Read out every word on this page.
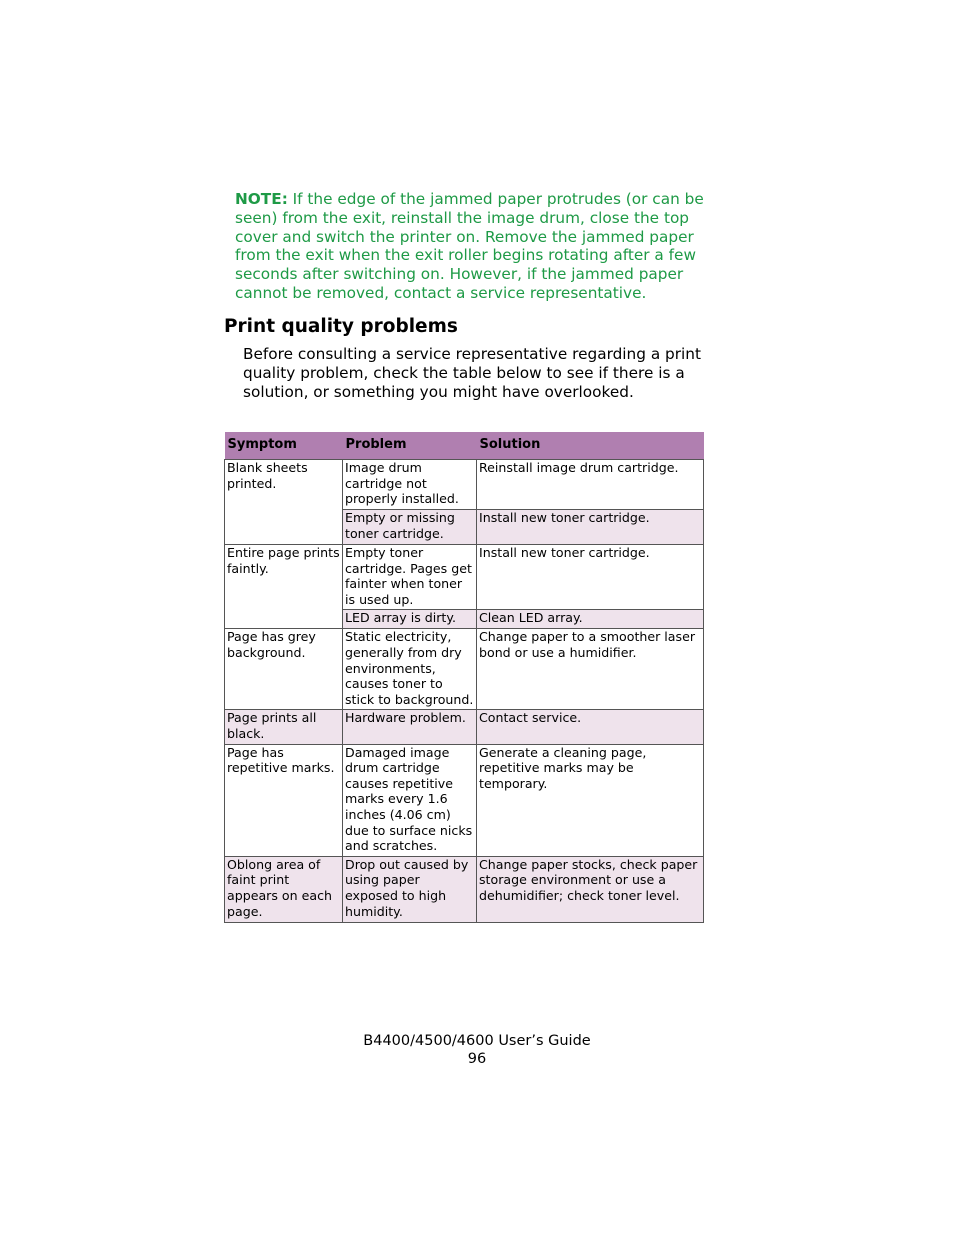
NOTE: If the edge of the jammed paper protrudes (or can be seen) from the exit, reinstall the image drum, close the top cover and switch the printer on. Remove the jammed paper from the exit when the exit roller begins rotating after a few seconds after switching on. However, if the jammed paper cannot be removed, contact a service representative.
Print quality problems
Before consulting a service representative regarding a print quality problem, check the table below to see if there is a solution, or something you might have overlooked.
Symptom	Problem	Solution
Blank sheets printed.	Image drum cartridge not properly installed.	Reinstall image drum cartridge.
	Empty or missing toner cartridge.	Install new toner cartridge.
Entire page prints faintly.	Empty toner cartridge. Pages get fainter when toner is used up.	Install new toner cartridge.
	LED array is dirty.	Clean LED array.
Page has grey background.	Static electricity, generally from dry environments, causes toner to stick to background.	Change paper to a smoother laser bond or use a humidifier.
Page prints all black.	Hardware problem.	Contact service.
Page has repetitive marks.	Damaged image drum cartridge causes repetitive marks every 1.6 inches (4.06 cm) due to surface nicks and scratches.	Generate a cleaning page, repetitive marks may be temporary.
Oblong area of faint print appears on each page.	Drop out caused by using paper exposed to high humidity.	Change paper stocks, check paper storage environment or use a dehumidifier; check toner level.
B4400/4500/4600 User’s Guide
96
